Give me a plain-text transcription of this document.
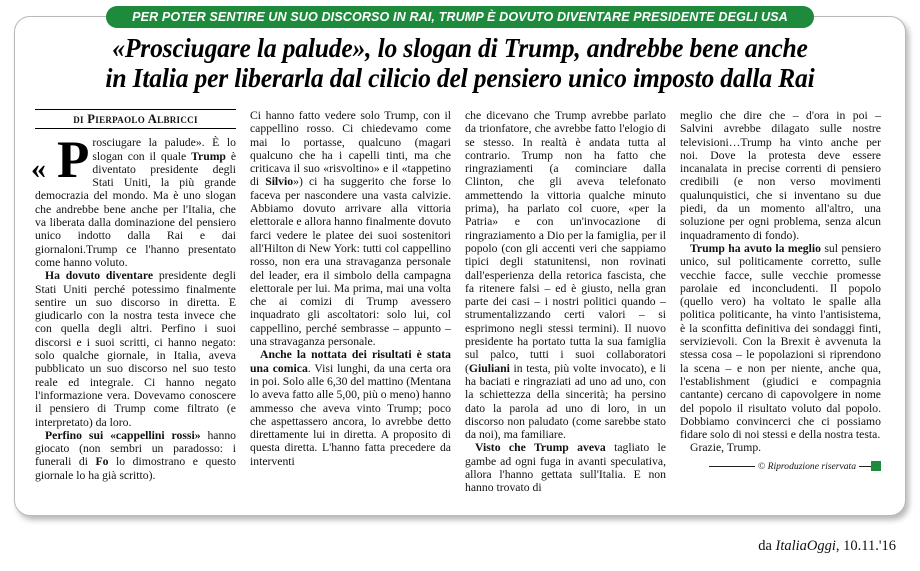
PER POTER SENTIRE UN SUO DISCORSO IN RAI, TRUMP È DOVUTO DIVENTARE PRESIDENTE DEGLI USA
«Prosciugare la palude», lo slogan di Trump, andrebbe bene anche
in Italia per liberarla dal cilicio del pensiero unico imposto dalla Rai
di Pierpaolo Albricci
« P rosciugare la palude». È lo slogan con il quale Trump è diventato presidente degli Stati Uniti, la più grande democrazia del mondo. Ma è uno slogan che andrebbe bene anche per l'Italia, che va liberata dalla dominazione del pensiero unico indotto dalla Rai e dai giornaloni.Trump ce l'hanno presentato come hanno voluto.

Ha dovuto diventare presidente degli Stati Uniti perché potessimo finalmente sentire un suo discorso in diretta. E giudicarlo con la nostra testa invece che con quella degli altri. Perfino i suoi discorsi e i suoi scritti, ci hanno negato: solo qualche giornale, in Italia, aveva pubblicato un suo discorso nel suo testo reale ed integrale. Ci hanno negato l'informazione vera. Dovevamo conoscere il pensiero di Trump come filtrato (e interpretato) da loro.

Perfino sui «cappellini rossi» hanno giocato (non sembri un paradosso: i funerali di Fo lo dimostrano e questo giornale lo ha già scritto).

Ci hanno fatto vedere solo Trump, con il cappellino rosso. Ci chiedevamo come mai lo portasse, qualcuno (magari qualcuno che ha i capelli tinti, ma che criticava il suo «risvoltino» e il «tappetino di Silvio») ci ha suggerito che forse lo faceva per nascondere una vasta calvizie. Abbiamo dovuto arrivare alla vittoria elettorale e allora hanno finalmente dovuto farci vedere le platee dei suoi sostenitori all'Hilton di New York: tutti col cappellino rosso, non era una stravaganza personale del leader, era il simbolo della campagna elettorale per lui. Ma prima, mai una volta che ai comizi di Trump avessero inquadrato gli ascoltatori: solo lui, col cappellino, perché sembrasse – appunto – una stravaganza personale.

Anche la nottata dei risultati è stata una comica. Visi lunghi, da una certa ora in poi. Solo alle 6,30 del mattino (Mentana lo aveva fatto alle 5,00, più o meno) hanno ammesso che aveva vinto Trump; poco che aspettassero ancora, lo avrebbe detto direttamente lui in diretta. A proposito di questa diretta. L'hanno fatta precedere da interventi

che dicevano che Trump avrebbe parlato da trionfatore, che avrebbe fatto l'elogio di se stesso. In realtà è andata tutta al contrario. Trump non ha fatto che ringraziamenti (a cominciare dalla Clinton, che gli aveva telefonato ammettendo la vittoria qualche minuto prima), ha parlato col cuore, «per la Patria» e con un'invocazione di ringraziamento a Dio per la famiglia, per il popolo (con gli accenti veri che sappiamo tipici degli statunitensi, non rovinati dall'esperienza della retorica fascista, che fa ritenere falsi – ed è giusto, nella gran parte dei casi – i nostri politici quando – strumentalizzando certi valori – si esprimono negli stessi termini). Il nuovo presidente ha portato tutta la sua famiglia sul palco, tutti i suoi collaboratori (Giuliani in testa, più volte invocato), e li ha baciati e ringraziati ad uno ad uno, con la schiettezza della sincerità; ha persino dato la parola ad uno di loro, in un discorso non paludato (come sarebbe stato da noi), ma familiare.

Visto che Trump aveva tagliato le gambe ad ogni fuga in avanti speculativa, allora l'hanno gettata sull'Italia. E non hanno trovato di

meglio che dire che – d'ora in poi – Salvini avrebbe dilagato sulle nostre televisioni…Trump ha vinto anche per noi. Dove la protesta deve essere incanalata in precise correnti di pensiero credibili (e non verso movimenti qualunquistici, che si inventano su due piedi, da un momento all'altro, una soluzione per ogni problema, senza alcun inquadramento di fondo).

Trump ha avuto la meglio sul pensiero unico, sul politicamente corretto, sulle vecchie facce, sulle vecchie promesse parolaie ed inconcludenti. Il popolo (quello vero) ha voltato le spalle alla politica politicante, ha vinto l'antisistema, è la sconfitta definitiva dei sondaggi finti, servizievoli. Con la Brexit è avvenuta la stessa cosa – le popolazioni si riprendono la scena – e non per niente, anche qua, l'establishment (giudici e compagnia cantante) cercano di capovolgere in nome del popolo il risultato voluto dal popolo. Dobbiamo convincerci che ci possiamo fidare solo di noi stessi e della nostra testa.

Grazie, Trump.

© Riproduzione riservata
da ItaliaOggi, 10.11.'16
